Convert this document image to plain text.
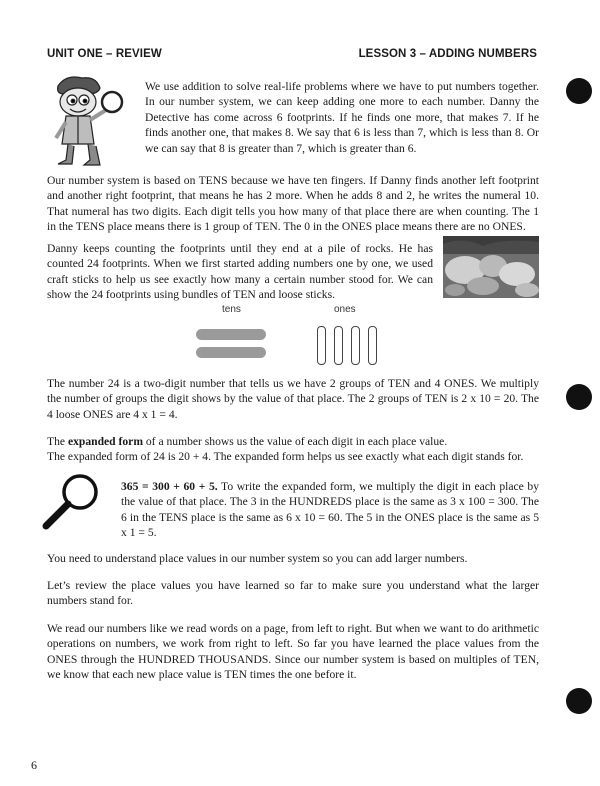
UNIT ONE – REVIEW	LESSON 3 – ADDING NUMBERS

We use addition to solve real-life problems where we have to put numbers together. In our number system, we can keep adding one more to each number. Danny the Detective has come across 6 footprints. If he finds one more, that makes 7. If he finds another one, that makes 8. We say that 6 is less than 7, which is less than 8. Or we can say that 8 is greater than 7, which is greater than 6.

Our number system is based on TENS because we have ten fingers. If Danny finds another left footprint and another right footprint, that means he has 2 more. When he adds 8 and 2, he writes the numeral 10. That numeral has two digits. Each digit tells you how many of that place there are when counting. The 1 in the TENS place means there is 1 group of TEN. The 0 in the ONES place means there are no ONES.

Danny keeps counting the footprints until they end at a pile of rocks. He has counted 24 footprints. When we first started adding numbers one by one, we used craft sticks to help us see exactly how many a certain number stood for. We can show the 24 footprints using bundles of TEN and loose sticks.

tens	ones

The number 24 is a two-digit number that tells us we have 2 groups of TEN and 4 ONES. We multiply the number of groups the digit shows by the value of that place. The 2 groups of TEN is 2 x 10 = 20. The 4 loose ONES are 4 x 1 = 4.

The expanded form of a number shows us the value of each digit in each place value.

The expanded form of 24 is 20 + 4. The expanded form helps us see exactly what each digit stands for.

365 = 300 + 60 + 5. To write the expanded form, we multiply the digit in each place by the value of that place. The 3 in the HUNDREDS place is the same as 3 x 100 = 300. The 6 in the TENS place is the same as 6 x 10 = 60. The 5 in the ONES place is the same as 5 x 1 = 5.

You need to understand place values in our number system so you can add larger numbers.

Let’s review the place values you have learned so far to make sure you understand what the larger numbers stand for.

We read our numbers like we read words on a page, from left to right. But when we want to do arithmetic operations on numbers, we work from right to left. So far you have learned the place values from the ONES through the HUNDRED THOUSANDS. Since our number system is based on multiples of TEN, we know that each new place value is TEN times the one before it.

6
